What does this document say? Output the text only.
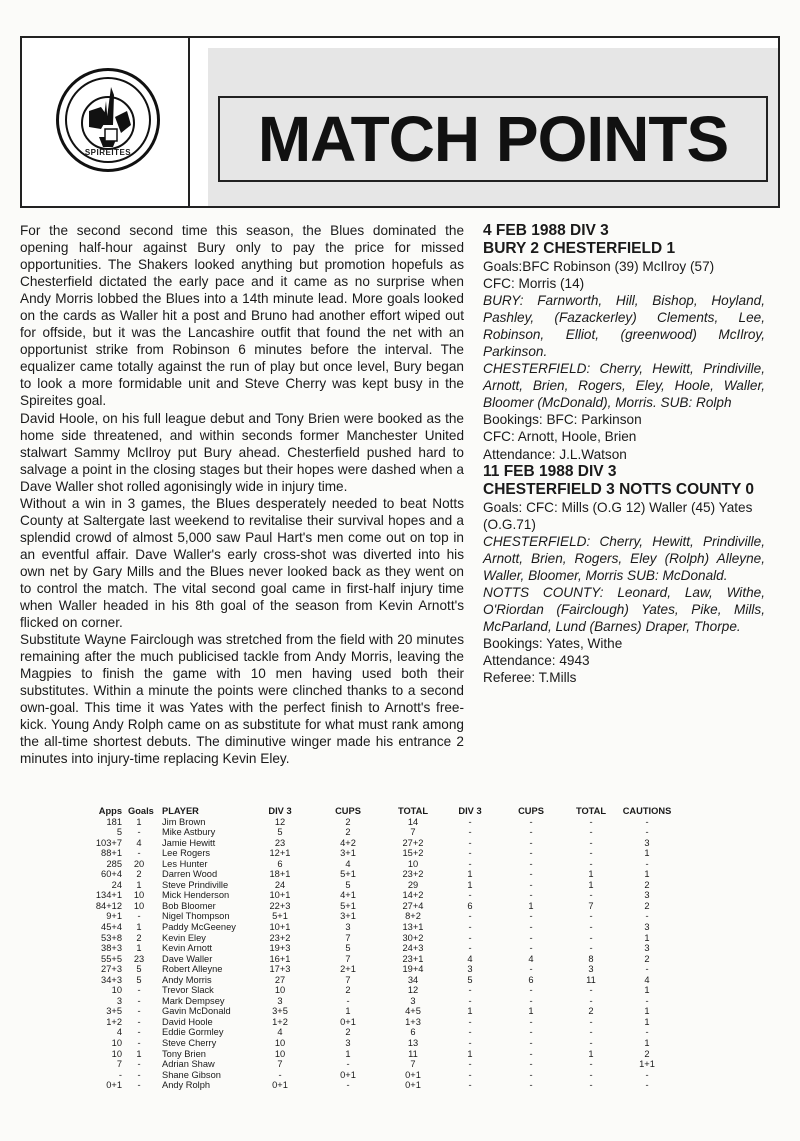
SPIREITES	MATCH POINTS

For the second second time this season, the Blues dominated the opening half-hour against Bury only to pay the price for missed opportunities. The Shakers looked anything but promotion hopefuls as Chesterfield dictated the early pace and it came as no surprise when Andy Morris lobbed the Blues into a 14th minute lead. More goals looked on the cards as Waller hit a post and Bruno had another effort wiped out for offside, but it was the Lancashire outfit that found the net with an opportunist strike from Robinson 6 minutes before the interval. The equalizer came totally against the run of play but once level, Bury began to look a more formidable unit and Steve Cherry was kept busy in the Spireites goal.

David Hoole, on his full league debut and Tony Brien were booked as the home side threatened, and within seconds former Manchester United stalwart Sammy McIlroy put Bury ahead. Chesterfield pushed hard to salvage a point in the closing stages but their hopes were dashed when a Dave Waller shot rolled agonisingly wide in injury time.

Without a win in 3 games, the Blues desperately needed to beat Notts County at Saltergate last weekend to revitalise their survival hopes and a splendid crowd of almost 5,000 saw Paul Hart's men come out on top in an eventful affair. Dave Waller's early cross-shot was diverted into his own net by Gary Mills and the Blues never looked back as they went on to control the match. The vital second goal came in first-half injury time when Waller headed in his 8th goal of the season from Kevin Arnott's flicked on corner.

Substitute Wayne Fairclough was stretched from the field with 20 minutes remaining after the much publicised tackle from Andy Morris, leaving the Magpies to finish the game with 10 men having used both their substitutes. Within a minute the points were clinched thanks to a second own-goal. This time it was Yates with the perfect finish to Arnott's free-kick. Young Andy Rolph came on as substitute for what must rank among the all-time shortest debuts. The diminutive winger made his entrance 2 minutes into injury-time replacing Kevin Eley.

4 FEB 1988 DIV 3
BURY 2 CHESTERFIELD 1
Goals:BFC Robinson (39) McIlroy (57)
CFC: Morris (14)
BURY: Farnworth, Hill, Bishop, Hoyland, Pashley, (Fazackerley) Clements, Lee, Robinson, Elliot, (greenwood) McIlroy, Parkinson.
CHESTERFIELD: Cherry, Hewitt, Prindiville, Arnott, Brien, Rogers, Eley, Hoole, Waller, Bloomer (McDonald), Morris. SUB: Rolph
Bookings: BFC: Parkinson
CFC: Arnott, Hoole, Brien
Attendance: J.L.Watson
11 FEB 1988 DIV 3
CHESTERFIELD 3 NOTTS COUNTY 0
Goals: CFC: Mills (O.G 12) Waller (45) Yates (O.G.71)
CHESTERFIELD: Cherry, Hewitt, Prindiville, Arnott, Brien, Rogers, Eley (Rolph) Alleyne, Waller, Bloomer, Morris SUB: McDonald.
NOTTS COUNTY: Leonard, Law, Withe, O'Riordan (Fairclough) Yates, Pike, Mills, McParland, Lund (Barnes) Draper, Thorpe.
Bookings: Yates, Withe
Attendance: 4943
Referee: T.Mills
Apps Goals PLAYER	DIV 3	CUPS	TOTAL	DIV 3	CUPS	TOTAL	CAUTIONS
181	1	Jim Brown	12	2	14	-	-	-	-
5	-	Mike Astbury	5	2	7	-	-	-	-
103+7	4	Jamie Hewitt	23	4+2	27+2	-	-	-	3
88+1	-	Lee Rogers	12+1	3+1	15+2	-	-	-	1
285	20	Les Hunter	6	4	10	-	-	-	-
60+4	2	Darren Wood	18+1	5+1	23+2	1	-	1	1
24	1	Steve Prindiville	24	5	29	1	-	1	2
134+1	10	Mick Henderson	10+1	4+1	14+2	-	-	-	3
84+12	10	Bob Bloomer	22+3	5+1	27+4	6	1	7	2
9+1	-	Nigel Thompson	5+1	3+1	8+2	-	-	-	-
45+4	1	Paddy McGeeney	10+1	3	13+1	-	-	-	3
53+8	2	Kevin Eley	23+2	7	30+2	-	-	-	1
38+3	1	Kevin Arnott	19+3	5	24+3	-	-	-	3
55+5	23	Dave Waller	16+1	7	23+1	4	4	8	2
27+3	5	Robert Alleyne	17+3	2+1	19+4	3	-	3	-
34+3	5	Andy Morris	27	7	34	5	6	11	4
10	-	Trevor Slack	10	2	12	-	-	-	1
3	-	Mark Dempsey	3	-	3	-	-	-	-
3+5	-	Gavin McDonald	3+5	1	4+5	1	1	2	1
1+2	-	David Hoole	1+2	0+1	1+3	-	-	-	1
4	-	Eddie Gormley	4	2	6	-	-	-	-
10	-	Steve Cherry	10	3	13	-	-	-	1
10	1	Tony Brien	10	1	11	1	-	1	2
7	-	Adrian Shaw	7	-	7	-	-	-	1+1
-	-	Shane Gibson	-	0+1	0+1	-	-	-	-
0+1	-	Andy Rolph	0+1	-	0+1	-	-	-	-
